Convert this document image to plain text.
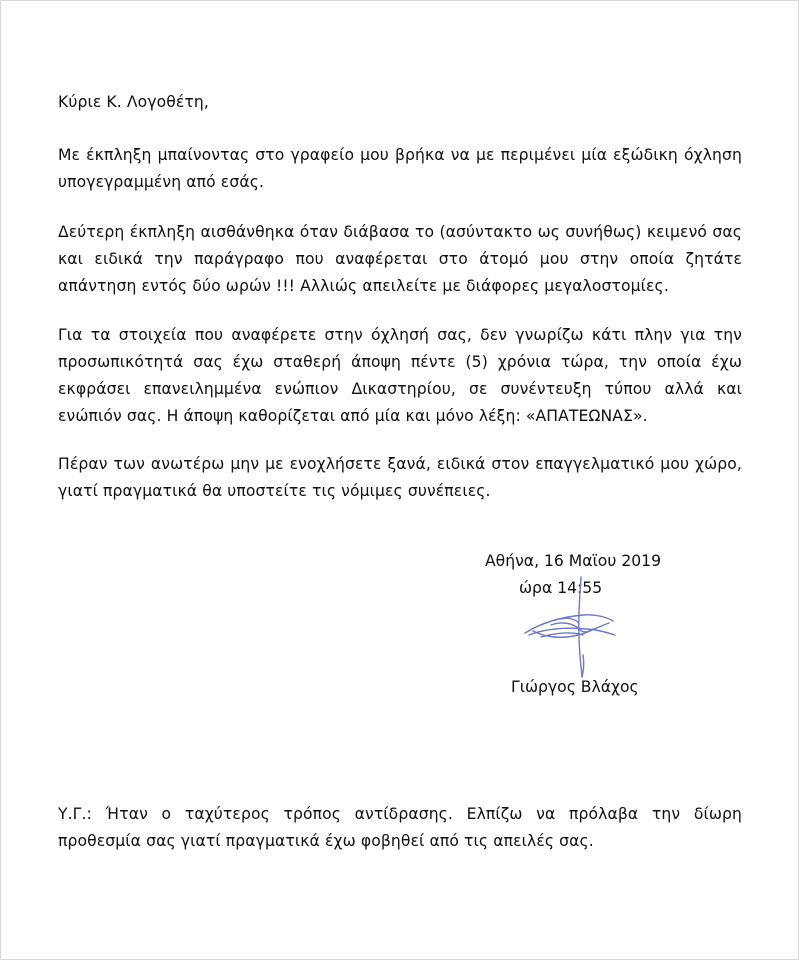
Κύριε Κ. Λογοθέτη,

Με έκπληξη μπαίνοντας στο γραφείο μου βρήκα να με περιμένει μία εξώδικη όχληση υπογεγραμμένη από εσάς.

Δεύτερη έκπληξη αισθάνθηκα όταν διάβασα το (ασύντακτο ως συνήθως) κειμενό σας και ειδικά την παράγραφο που αναφέρεται στο άτομό μου στην οποία ζητάτε απάντηση εντός δύο ωρών !!! Αλλιώς απειλείτε με διάφορες μεγαλοστομίες.

Για τα στοιχεία που αναφέρετε στην όχλησή σας, δεν γνωρίζω κάτι πλην για την προσωπικότητά σας έχω σταθερή άποψη πέντε (5) χρόνια τώρα, την οποία έχω εκφράσει επανειλημμένα ενώπιον Δικαστηρίου, σε συνέντευξη τύπου αλλά και ενώπιόν σας. Η άποψη καθορίζεται από μία και μόνο λέξη: «ΑΠΑΤΕΩΝΑΣ».

Πέραν των ανωτέρω μην με ενοχλήσετε ξανά, ειδικά στον επαγγελματικό μου χώρο, γιατί πραγματικά θα υποστείτε τις νόμιμες συνέπειες.

Αθήνα, 16 Μαϊου 2019

ώρα 14:55

Γιώργος Βλάχος

Υ.Γ.: Ήταν ο ταχύτερος τρόπος αντίδρασης. Ελπίζω να πρόλαβα την δίωρη προθεσμία σας γιατί πραγματικά έχω φοβηθεί από τις απειλές σας.
